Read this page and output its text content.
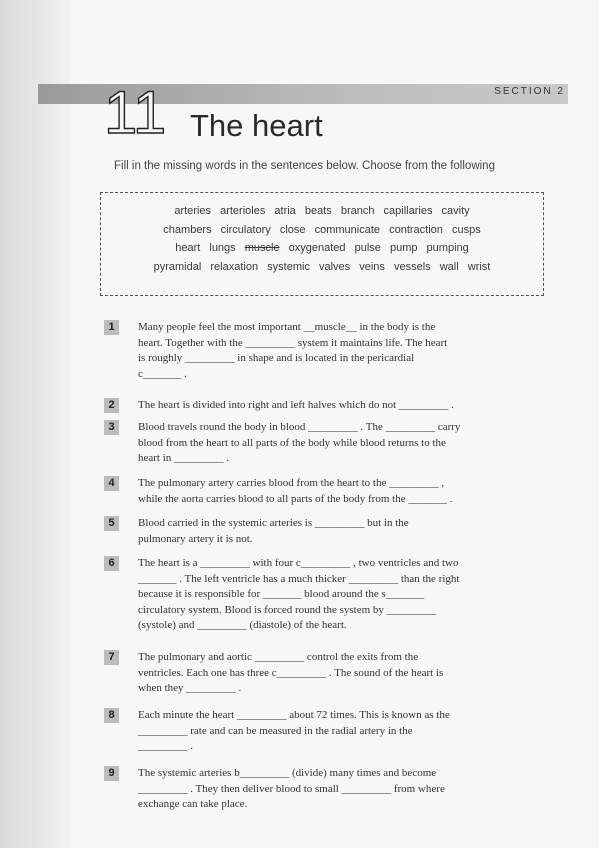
SECTION 2
11 The heart
Fill in the missing words in the sentences below. Choose from the following
arteries arterioles atria beats branch capillaries cavity
chambers circulatory close communicate contraction cusps
heart lungs muscle oxygenated pulse pump pumping
pyramidal relaxation systemic valves veins vessels wall wrist
1	Many people feel the most important __muscle__ in the body is the
heart. Together with the _________ system it maintains life. The heart
is roughly _________ in shape and is located in the pericardial
c_______ .

2	The heart is divided into right and left halves which do not _________ .

3	Blood travels round the body in blood _________ . The _________ carry
blood from the heart to all parts of the body while blood returns to the
heart in _________ .

4	The pulmonary artery carries blood from the heart to the _________ ,
while the aorta carries blood to all parts of the body from the _______ .

5	Blood carried in the systemic arteries is _________ but in the
pulmonary artery it is not.

6	The heart is a _________ with four c_________ , two ventricles and two
_______ . The left ventricle has a much thicker _________ than the right
because it is responsible for _______ blood around the s_______
circulatory system. Blood is forced round the system by _________
(systole) and _________ (diastole) of the heart.

7	The pulmonary and aortic _________ control the exits from the
ventricles. Each one has three c_________ . The sound of the heart is
when they _________ .

8	Each minute the heart _________ about 72 times. This is known as the
_________ rate and can be measured in the radial artery in the
_________ .

9	The systemic arteries b_________ (divide) many times and become
_________ . They then deliver blood to small _________ from where
exchange can take place.
